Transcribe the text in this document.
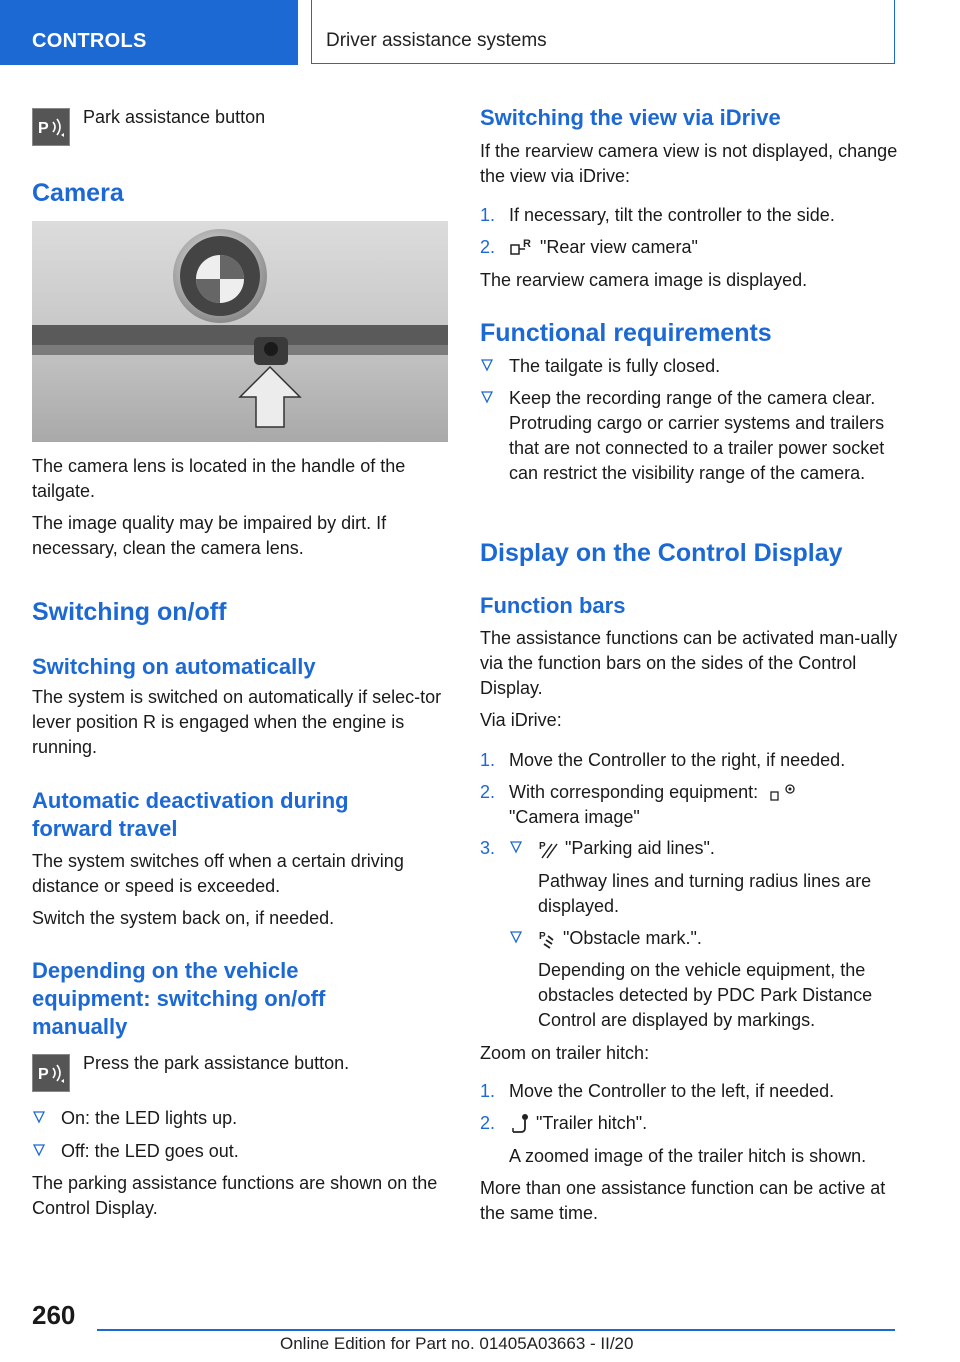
CONTROLS	Driver assistance systems
P

Park assistance button

Camera

The camera lens is located in the handle of the tailgate.

The image quality may be impaired by dirt. If necessary, clean the camera lens.

Switching on/off
Switching on automatically

The system is switched on automatically if selec-tor lever position R is engaged when the engine is running.

Automatic deactivation during
forward travel

The system switches off when a certain driving distance or speed is exceeded.

Switch the system back on, if needed.

Depending on the vehicle
equipment: switching on/off
manually
P

Press the park assistance button.

On: the LED lights up.
Off: the LED goes out.

The parking assistance functions are shown on the Control Display.

Switching the view via iDrive

If the rearview camera view is not displayed, change the view via iDrive:

1. If necessary, tilt the controller to the side.
2.	R "Rear view camera"

The rearview camera image is displayed.

Functional requirements
The tailgate is fully closed.
Keep the recording range of the camera clear. Protruding cargo or carrier systems and trailers that are not connected to a trailer power socket can restrict the visibility range of the camera.
Display on the Control Display
Function bars

The assistance functions can be activated man-ually via the function bars on the sides of the Control Display.

Via iDrive:

1. Move the Controller to the right, if needed.
2. With corresponding equipment:
"Camera image"
3.	P "Parking aid lines".

Pathway lines and turning radius lines are displayed.

P "Obstacle mark.".

Depending on the vehicle equipment, the obstacles detected by PDC Park Distance Control are displayed by markings.

Zoom on trailer hitch:

1. Move the Controller to the left, if needed.
2.	"Trailer hitch".

A zoomed image of the trailer hitch is shown.

More than one assistance function can be active at the same time.

260
Online Edition for Part no. 01405A03663 - II/20
